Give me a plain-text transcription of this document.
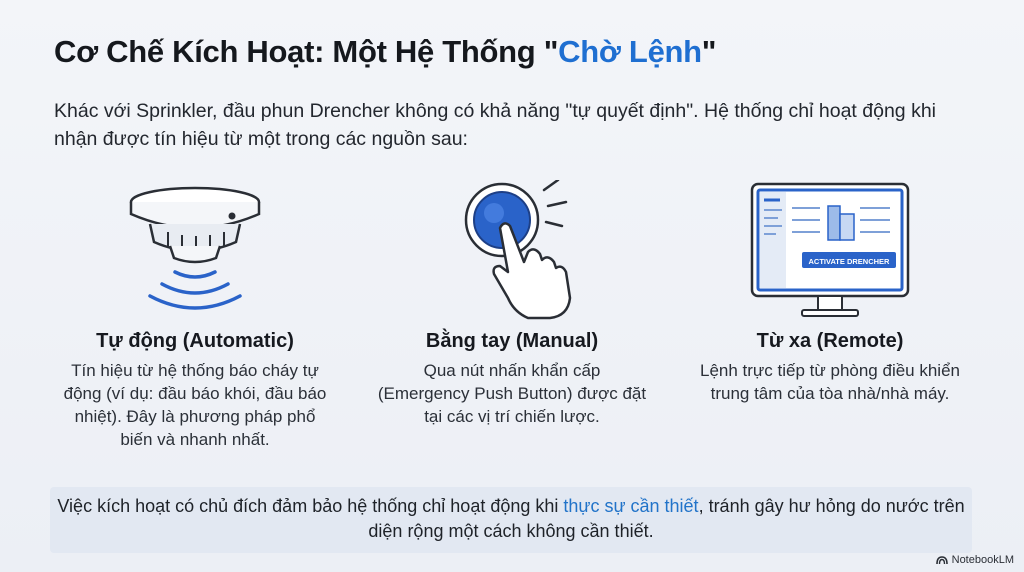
Cơ Chế Kích Hoạt: Một Hệ Thống "Chờ Lệnh"

Khác với Sprinkler, đầu phun Drencher không có khả năng "tự quyết định". Hệ thống chỉ hoạt động khi nhận được tín hiệu từ một trong các nguồn sau:

Tự động (Automatic)

Tín hiệu từ hệ thống báo cháy tự động (ví dụ: đầu báo khói, đầu báo nhiệt). Đây là phương pháp phổ biến và nhanh nhất.

Bằng tay (Manual)

Qua nút nhấn khẩn cấp (Emergency Push Button) được đặt tại các vị trí chiến lược.

ACTIVATE DRENCHER
Từ xa (Remote)

Lệnh trực tiếp từ phòng điều khiển trung tâm của tòa nhà/nhà máy.

Việc kích hoạt có chủ đích đảm bảo hệ thống chỉ hoạt động khi thực sự cần thiết, tránh gây hư hỏng do nước trên diện rộng một cách không cần thiết.
NotebookLM
